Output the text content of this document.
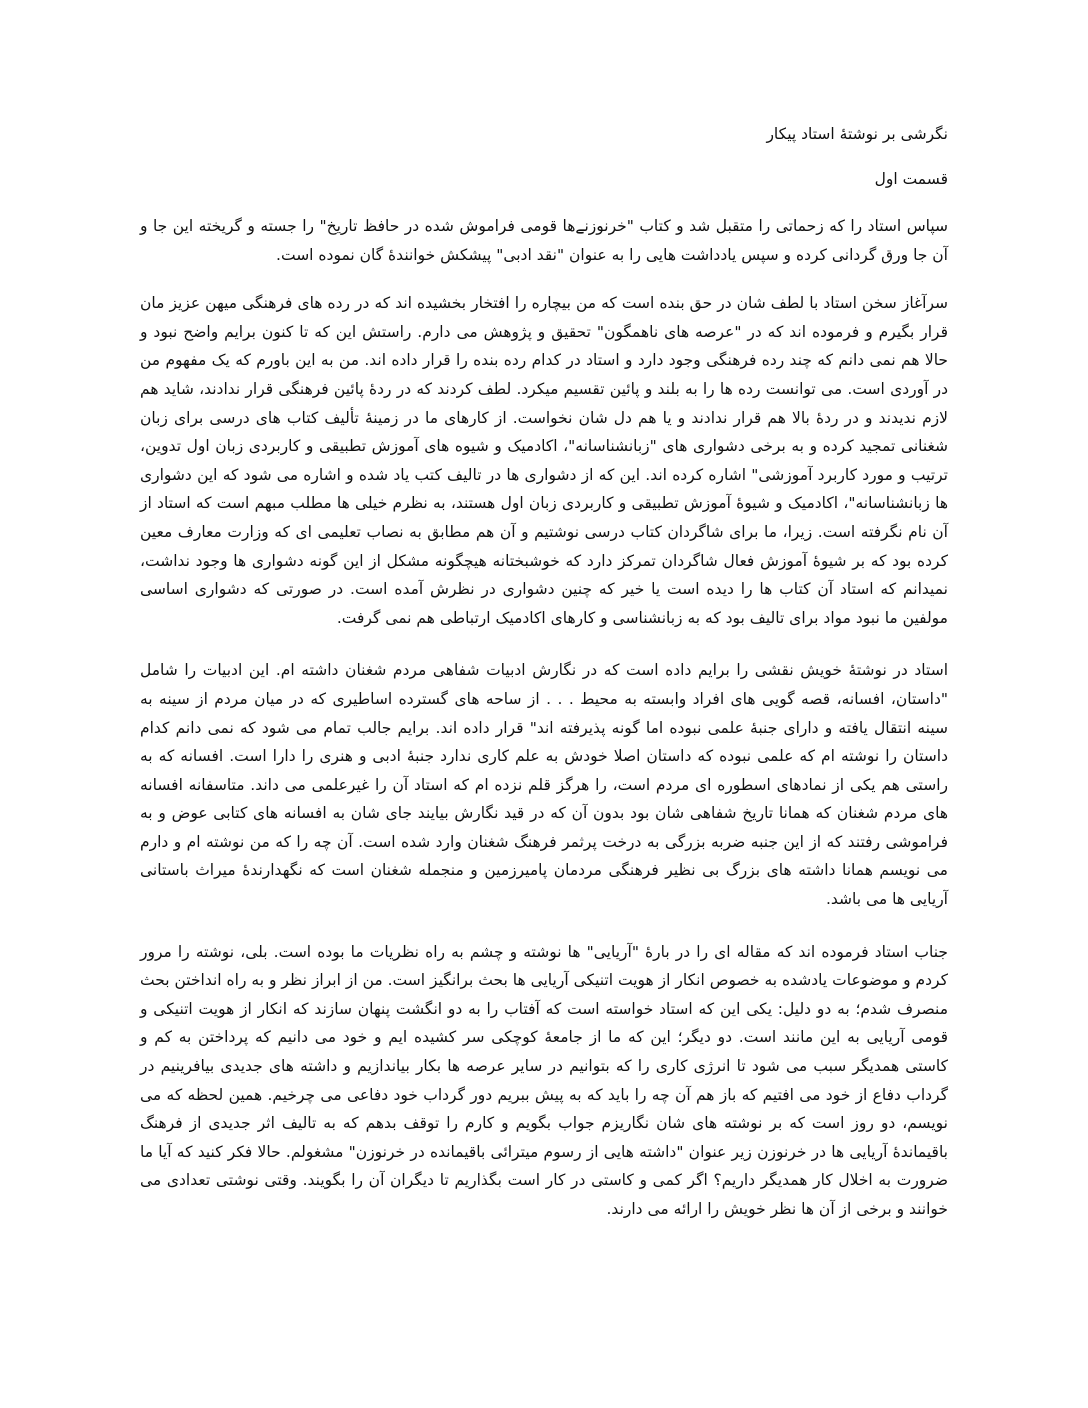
نگرشی بر نوشتهٔ استاد پیکار

قسمت اول

سپاس استاد را که زحماتی را متقبل شد و کتاب "خرنوزنے‌ها قومی فراموش شده در حافظ تاریخ" را جسته و گریخته این جا و آن جا ورق گردانی کرده و سپس یادداشت هایی را به عنوان "نقد ادبی" پیشکش خوانندهٔ گان نموده است.

سرآغاز سخن استاد با لطف شان در حق بنده است که من بیچاره را افتخار بخشیده اند که در رده های فرهنگی میهن عزیز مان قرار بگیرم و فرموده اند که در "عرصه های ناهمگون" تحقیق و پژوهش می دارم. راستش این که تا کنون برایم واضح نبود و حالا هم نمی دانم که چند رده فرهنگی وجود دارد و استاد در کدام رده بنده را قرار داده اند. من به این باورم که یک مفهوم من در آوردی است. می توانست رده ها را به بلند و پائین تقسیم میکرد. لطف کردند که در ردهٔ پائین فرهنگی قرار ندادند، شاید هم لازم ندیدند و در ردهٔ بالا هم قرار ندادند و یا هم دل شان نخواست. از کارهای ما در زمینهٔ تألیف کتاب های درسی برای زبان شغنانی تمجید کرده و به برخی دشواری های "زبانشناسانه"، اکادمیک و شیوه های آموزش تطبیقی و کاربردی زبان اول تدوین، ترتیب و مورد کاربرد آموزشی" اشاره کرده اند. این که از دشواری ها در تالیف کتب یاد شده و اشاره می شود که این دشواری ها زبانشناسانه"، اکادمیک و شیوهٔ آموزش تطبیقی و کاربردی زبان اول هستند، به نظرم خیلی ها مطلب مبهم است که استاد از آن نام نگرفته است. زیرا، ما برای شاگردان کتاب درسی نوشتیم و آن هم مطابق به نصاب تعلیمی ای که وزارت معارف معین کرده بود که بر شیوهٔ آموزش فعال شاگردان تمرکز دارد که خوشبختانه هیچگونه مشکل از این گونه دشواری ها وجود نداشت، نمیدانم که استاد آن کتاب ها را دیده است یا خیر که چنین دشواری در نظرش آمده است. در صورتی که دشواری اساسی مولفین ما نبود مواد برای تالیف بود که به زبانشناسی و کارهای اکادمیک ارتباطی هم نمی گرفت.

استاد در نوشتهٔ خویش نقشی را برایم داده است که در نگارش ادبیات شفاهی مردم شغنان داشته ام. این ادبیات را شامل "داستان، افسانه، قصه گویی های افراد وابسته به محیط . . . از ساحه های گسترده اساطیری که در میان مردم از سینه به سینه انتقال یافته و دارای جنبهٔ علمی نبوده اما گونه پذیرفته اند" قرار داده اند. برایم جالب تمام می شود که نمی دانم کدام داستان را نوشته ام که علمی نبوده که داستان اصلا خودش به علم کاری ندارد جنبهٔ ادبی و هنری را دارا است. افسانه که به راستی هم یکی از نمادهای اسطوره ای مردم است، را هرگز قلم نزده ام که استاد آن را غیرعلمی می داند. متاسفانه افسانه های مردم شغنان که همانا تاریخ شفاهی شان بود بدون آن که در قید نگارش بیایند جای شان به افسانه های کتابی عوض و به فراموشی رفتند که از این جنبه ضربه بزرگی به درخت پرثمر فرهنگ شغنان وارد شده است. آن چه را که من نوشته ام و دارم می نویسم همانا داشته های بزرگ بی نظیر فرهنگی مردمان پامیرزمین و منجمله شغنان است که نگهدارندهٔ میراث باستانی آریایی ها می باشد.

جناب استاد فرموده اند که مقاله ای را در بارهٔ "آریایی" ها نوشته و چشم به راه نظریات ما بوده است. بلی، نوشته را مرور کردم و موضوعات یادشده به خصوص انکار از هویت اتنیکی آریایی ها بحث برانگیز است. من از ابراز نظر و به راه انداختن بحث منصرف شدم؛ به دو دلیل: یکی این که استاد خواسته است که آفتاب را به دو انگشت پنهان سازند که انکار از هویت اتنیکی و قومی آریایی به این مانند است. دو دیگر؛ این که ما از جامعهٔ کوچکی سر کشیده ایم و خود می دانیم که پرداختن به کم و کاستی همدیگر سبب می شود تا انرژی کاری را که بتوانیم در سایر عرصه ها بکار بیاندازیم و داشته های جدیدی بیافرینیم در گرداب دفاع از خود می افتیم که باز هم آن چه را باید که به پیش ببریم دور گرداب خود دفاعی می چرخیم. همین لحظه که می نویسم، دو روز است که بر نوشته های شان نگاریزم جواب بگویم و کارم را توقف بدهم که به تالیف اثر جدیدی از فرهنگ باقیماندهٔ آریایی ها در خرنوزن زیر عنوان "داشته هایی از رسوم میترائی باقیمانده در خرنوزن" مشغولم. حالا فکر کنید که آیا ما ضرورت به اخلال کار همدیگر داریم؟ اگر کمی و کاستی در کار است بگذاریم تا دیگران آن را بگویند. وقتی نوشتی تعدادی می خوانند و برخی از آن ها نظر خویش را ارائه می دارند.
